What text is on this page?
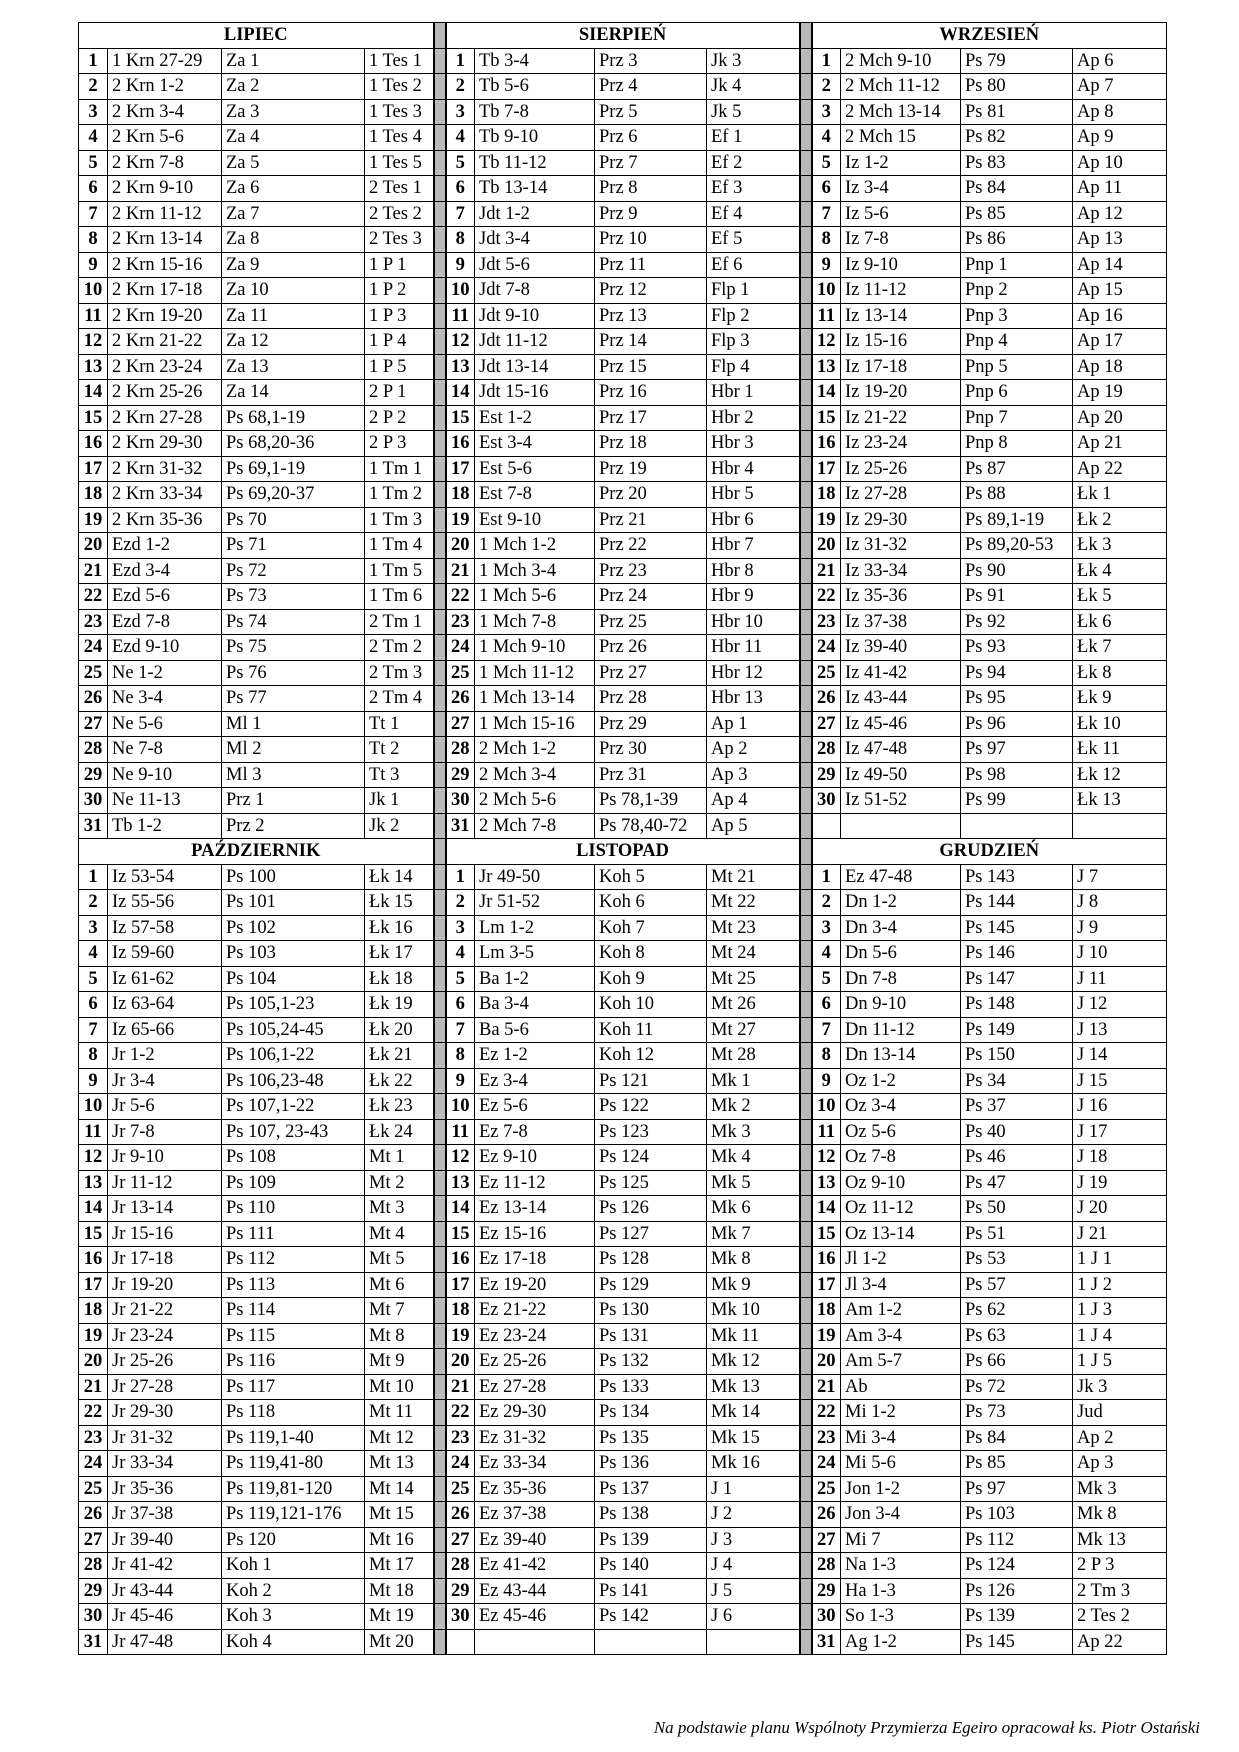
LIPIEC					SIERPIEŃ					WRZESIEŃ			
1	1 Krn 27-29	Za 1	1 Tes 1		1	Tb 3-4	Prz 3	Jk 3		1	2 Mch 9-10	Ps 79	Ap 6
2	2 Krn 1-2	Za 2	1 Tes 2		2	Tb 5-6	Prz 4	Jk 4		2	2 Mch 11-12	Ps 80	Ap 7
3	2 Krn 3-4	Za 3	1 Tes 3		3	Tb 7-8	Prz 5	Jk 5		3	2 Mch 13-14	Ps 81	Ap 8
4	2 Krn 5-6	Za 4	1 Tes 4		4	Tb 9-10	Prz 6	Ef 1		4	2 Mch 15	Ps 82	Ap 9
5	2 Krn 7-8	Za 5	1 Tes 5		5	Tb 11-12	Prz 7	Ef 2		5	Iz 1-2	Ps 83	Ap 10
6	2 Krn 9-10	Za 6	2 Tes 1		6	Tb 13-14	Prz 8	Ef 3		6	Iz 3-4	Ps 84	Ap 11
7	2 Krn 11-12	Za 7	2 Tes 2		7	Jdt 1-2	Prz 9	Ef 4		7	Iz 5-6	Ps 85	Ap 12
8	2 Krn 13-14	Za 8	2 Tes 3		8	Jdt 3-4	Prz 10	Ef 5		8	Iz 7-8	Ps 86	Ap 13
9	2 Krn 15-16	Za 9	1 P 1		9	Jdt 5-6	Prz 11	Ef 6		9	Iz 9-10	Pnp 1	Ap 14
10	2 Krn 17-18	Za 10	1 P 2		10	Jdt 7-8	Prz 12	Flp 1		10	Iz 11-12	Pnp 2	Ap 15
11	2 Krn 19-20	Za 11	1 P 3		11	Jdt 9-10	Prz 13	Flp 2		11	Iz 13-14	Pnp 3	Ap 16
12	2 Krn 21-22	Za 12	1 P 4		12	Jdt 11-12	Prz 14	Flp 3		12	Iz 15-16	Pnp 4	Ap 17
13	2 Krn 23-24	Za 13	1 P 5		13	Jdt 13-14	Prz 15	Flp 4		13	Iz 17-18	Pnp 5	Ap 18
14	2 Krn 25-26	Za 14	2 P 1		14	Jdt 15-16	Prz 16	Hbr 1		14	Iz 19-20	Pnp 6	Ap 19
15	2 Krn 27-28	Ps 68,1-19	2 P 2		15	Est 1-2	Prz 17	Hbr 2		15	Iz 21-22	Pnp 7	Ap 20
16	2 Krn 29-30	Ps 68,20-36	2 P 3		16	Est 3-4	Prz 18	Hbr 3		16	Iz 23-24	Pnp 8	Ap 21
17	2 Krn 31-32	Ps 69,1-19	1 Tm 1		17	Est 5-6	Prz 19	Hbr 4		17	Iz 25-26	Ps 87	Ap 22
18	2 Krn 33-34	Ps 69,20-37	1 Tm 2		18	Est 7-8	Prz 20	Hbr 5		18	Iz 27-28	Ps 88	Łk 1
19	2 Krn 35-36	Ps 70	1 Tm 3		19	Est 9-10	Prz 21	Hbr 6		19	Iz 29-30	Ps 89,1-19	Łk 2
20	Ezd 1-2	Ps 71	1 Tm 4		20	1 Mch 1-2	Prz 22	Hbr 7		20	Iz 31-32	Ps 89,20-53	Łk 3
21	Ezd 3-4	Ps 72	1 Tm 5		21	1 Mch 3-4	Prz 23	Hbr 8		21	Iz 33-34	Ps 90	Łk 4
22	Ezd 5-6	Ps 73	1 Tm 6		22	1 Mch 5-6	Prz 24	Hbr 9		22	Iz 35-36	Ps 91	Łk 5
23	Ezd 7-8	Ps 74	2 Tm 1		23	1 Mch 7-8	Prz 25	Hbr 10		23	Iz 37-38	Ps 92	Łk 6
24	Ezd 9-10	Ps 75	2 Tm 2		24	1 Mch 9-10	Prz 26	Hbr 11		24	Iz 39-40	Ps 93	Łk 7
25	Ne 1-2	Ps 76	2 Tm 3		25	1 Mch 11-12	Prz 27	Hbr 12		25	Iz 41-42	Ps 94	Łk 8
26	Ne 3-4	Ps 77	2 Tm 4		26	1 Mch 13-14	Prz 28	Hbr 13		26	Iz 43-44	Ps 95	Łk 9
27	Ne 5-6	Ml 1	Tt 1		27	1 Mch 15-16	Prz 29	Ap 1		27	Iz 45-46	Ps 96	Łk 10
28	Ne 7-8	Ml 2	Tt 2		28	2 Mch 1-2	Prz 30	Ap 2		28	Iz 47-48	Ps 97	Łk 11
29	Ne 9-10	Ml 3	Tt 3		29	2 Mch 3-4	Prz 31	Ap 3		29	Iz 49-50	Ps 98	Łk 12
30	Ne 11-13	Prz 1	Jk 1		30	2 Mch 5-6	Ps 78,1-39	Ap 4		30	Iz 51-52	Ps 99	Łk 13
31	Tb 1-2	Prz 2	Jk 2		31	2 Mch 7-8	Ps 78,40-72	Ap 5					
PAŹDZIERNIK					LISTOPAD					GRUDZIEŃ			
1	Iz 53-54	Ps 100	Łk 14		1	Jr 49-50	Koh 5	Mt 21		1	Ez 47-48	Ps 143	J 7
2	Iz 55-56	Ps 101	Łk 15		2	Jr 51-52	Koh 6	Mt 22		2	Dn 1-2	Ps 144	J 8
3	Iz 57-58	Ps 102	Łk 16		3	Lm 1-2	Koh 7	Mt 23		3	Dn 3-4	Ps 145	J 9
4	Iz 59-60	Ps 103	Łk 17		4	Lm 3-5	Koh 8	Mt 24		4	Dn 5-6	Ps 146	J 10
5	Iz 61-62	Ps 104	Łk 18		5	Ba 1-2	Koh 9	Mt 25		5	Dn 7-8	Ps 147	J 11
6	Iz 63-64	Ps 105,1-23	Łk 19		6	Ba 3-4	Koh 10	Mt 26		6	Dn 9-10	Ps 148	J 12
7	Iz 65-66	Ps 105,24-45	Łk 20		7	Ba 5-6	Koh 11	Mt 27		7	Dn 11-12	Ps 149	J 13
8	Jr 1-2	Ps 106,1-22	Łk 21		8	Ez 1-2	Koh 12	Mt 28		8	Dn 13-14	Ps 150	J 14
9	Jr 3-4	Ps 106,23-48	Łk 22		9	Ez 3-4	Ps 121	Mk 1		9	Oz 1-2	Ps 34	J 15
10	Jr 5-6	Ps 107,1-22	Łk 23		10	Ez 5-6	Ps 122	Mk 2		10	Oz 3-4	Ps 37	J 16
11	Jr 7-8	Ps 107, 23-43	Łk 24		11	Ez 7-8	Ps 123	Mk 3		11	Oz 5-6	Ps 40	J 17
12	Jr 9-10	Ps 108	Mt 1		12	Ez 9-10	Ps 124	Mk 4		12	Oz 7-8	Ps 46	J 18
13	Jr 11-12	Ps 109	Mt 2		13	Ez 11-12	Ps 125	Mk 5		13	Oz 9-10	Ps 47	J 19
14	Jr 13-14	Ps 110	Mt 3		14	Ez 13-14	Ps 126	Mk 6		14	Oz 11-12	Ps 50	J 20
15	Jr 15-16	Ps 111	Mt 4		15	Ez 15-16	Ps 127	Mk 7		15	Oz 13-14	Ps 51	J 21
16	Jr 17-18	Ps 112	Mt 5		16	Ez 17-18	Ps 128	Mk 8		16	Jl 1-2	Ps 53	1 J 1
17	Jr 19-20	Ps 113	Mt 6		17	Ez 19-20	Ps 129	Mk 9		17	Jl 3-4	Ps 57	1 J 2
18	Jr 21-22	Ps 114	Mt 7		18	Ez 21-22	Ps 130	Mk 10		18	Am 1-2	Ps 62	1 J 3
19	Jr 23-24	Ps 115	Mt 8		19	Ez 23-24	Ps 131	Mk 11		19	Am 3-4	Ps 63	1 J 4
20	Jr 25-26	Ps 116	Mt 9		20	Ez 25-26	Ps 132	Mk 12		20	Am 5-7	Ps 66	1 J 5
21	Jr 27-28	Ps 117	Mt 10		21	Ez 27-28	Ps 133	Mk 13		21	Ab	Ps 72	Jk 3
22	Jr 29-30	Ps 118	Mt 11		22	Ez 29-30	Ps 134	Mk 14		22	Mi 1-2	Ps 73	Jud
23	Jr 31-32	Ps 119,1-40	Mt 12		23	Ez 31-32	Ps 135	Mk 15		23	Mi 3-4	Ps 84	Ap 2
24	Jr 33-34	Ps 119,41-80	Mt 13		24	Ez 33-34	Ps 136	Mk 16		24	Mi 5-6	Ps 85	Ap 3
25	Jr 35-36	Ps 119,81-120	Mt 14		25	Ez 35-36	Ps 137	J 1		25	Jon 1-2	Ps 97	Mk 3
26	Jr 37-38	Ps 119,121-176	Mt 15		26	Ez 37-38	Ps 138	J 2		26	Jon 3-4	Ps 103	Mk 8
27	Jr 39-40	Ps 120	Mt 16		27	Ez 39-40	Ps 139	J 3		27	Mi 7	Ps 112	Mk 13
28	Jr 41-42	Koh 1	Mt 17		28	Ez 41-42	Ps 140	J 4		28	Na 1-3	Ps 124	2 P 3
29	Jr 43-44	Koh 2	Mt 18		29	Ez 43-44	Ps 141	J 5		29	Ha 1-3	Ps 126	2 Tm 3
30	Jr 45-46	Koh 3	Mt 19		30	Ez 45-46	Ps 142	J 6		30	So 1-3	Ps 139	2 Tes 2
31	Jr 47-48	Koh 4	Mt 20							31	Ag 1-2	Ps 145	Ap 22
Na podstawie planu Wspólnoty Przymierza Egeiro opracował ks. Piotr Ostański
